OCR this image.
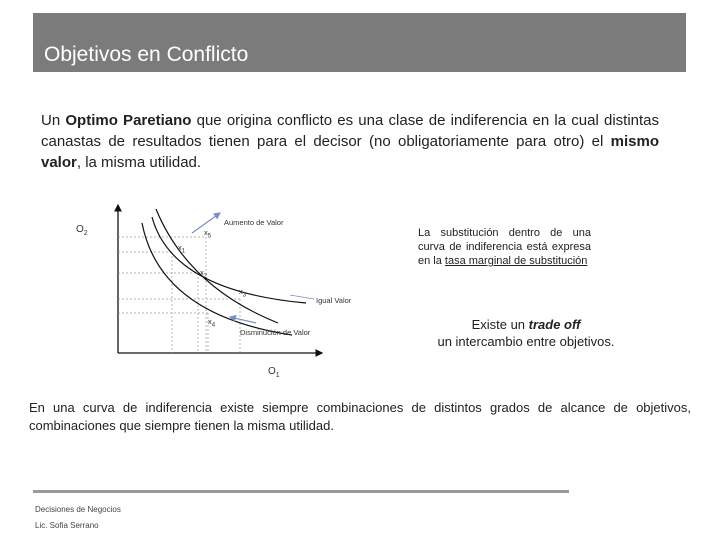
Objetivos en Conflicto
Un Optimo Paretiano que origina conflicto es una clase de indiferencia en la cual distintas canastas de resultados tienen para el decisor (no obligatoriamente para otro) el mismo valor, la misma utilidad.
$O_2$
$O_1$
Aumento de Valor
Igual Valor
Disminución de Valor
$x_1$
$x_2$
$x_3$
$x_4$
$x_5$	La substitución dentro de una curva de indiferencia está expresa en la tasa marginal de substitución
Existe un trade off
un intercambio entre objetivos.
En una curva de indiferencia existe siempre combinaciones de distintos grados de alcance de objetivos, combinaciones que siempre tienen la misma utilidad.
Decisiones de Negocios
Lic. Sofia Serrano
